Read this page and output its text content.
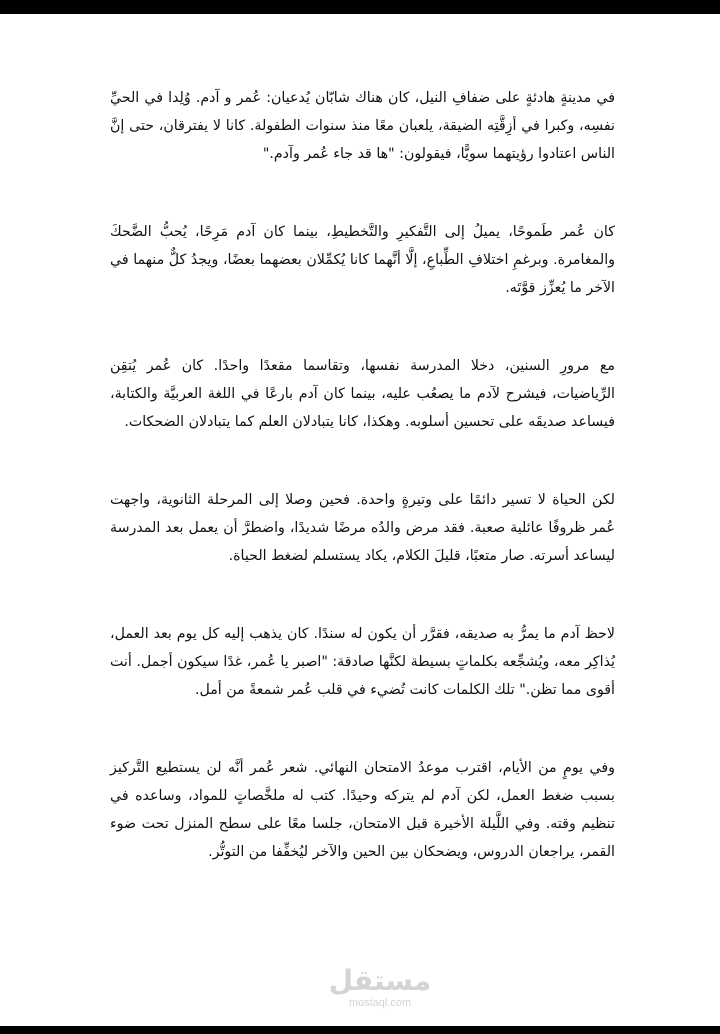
في مدينةٍ هادئةٍ على ضفافِ النيل، كان هناك شابّان يُدعيان: عُمر و آدم. وُلِدا في الحيِّ نفسِه، وكبرا في أزِقَّتِه الضيقة، يلعبان معًا منذ سنوات الطفولة. كانا لا يفترقان، حتى إنَّ الناس اعتادوا رؤيتهما سويًّا، فيقولون: "ها قد جاء عُمر وآدم."

كان عُمر طَموحًا، يميلُ إلى التَّفكيرِ والتَّخطيطِ، بينما كان آدم مَرِحًا، يُحبُّ الضَّحكَ والمغامرة. وبرغمِ اختلافِ الطِّباعِ، إلَّا أنَّهما كانا يُكمِّلان بعضهما بعضًا، ويجدُ كلٌّ منهما في الآخر ما يُعزِّز قوَّتَه.

مع مرورِ السنين، دخلا المدرسة نفسها، وتقاسما مقعدًا واحدًا. كان عُمر يُتقِن الرِّياضيات، فيشرح لآدم ما يصعُب عليه، بينما كان آدم بارعًا في اللغة العربيَّة والكتابة، فيساعد صديقَه على تحسين أسلوبه. وهكذا، كانا يتبادلان العلم كما يتبادلان الضحكات.

لكن الحياة لا تسير دائمًا على وتيرةٍ واحدة. فحين وصلا إلى المرحلة الثانوية، واجهت عُمر ظروفًا عائلية صعبة. فقد مرض والدُه مرضًا شديدًا، واضطرَّ أن يعمل بعد المدرسة ليساعد أسرته. صار متعبًا، قليلَ الكلام، يكاد يستسلم لضغط الحياة.

لاحظ آدم ما يمرُّ به صديقه، فقرَّر أن يكون له سندًا. كان يذهب إليه كل يوم بعد العمل، يُذاكِر معه، ويُشجِّعه بكلماتٍ بسيطة لكنَّها صادقة: "اصبر يا عُمر، غدًا سيكون أجمل. أنت أقوى مما تظن." تلك الكلمات كانت تُضيء في قلب عُمر شمعةً من أمل.

وفي يومٍ من الأيام، اقترب موعدُ الامتحان النهائي. شعر عُمر أنَّه لن يستطيع التَّركيز بسبب ضغط العمل، لكن آدم لم يتركه وحيدًا. كتب له ملخَّصاتٍ للمواد، وساعده في تنظيم وقته. وفي اللَّيلة الأخيرة قبل الامتحان، جلسا معًا على سطح المنزل تحت ضوء القمر، يراجعان الدروس، ويضحكان بين الحين والآخر ليُخفِّفا من التوتُّر.

مستقل
mostaql.com
